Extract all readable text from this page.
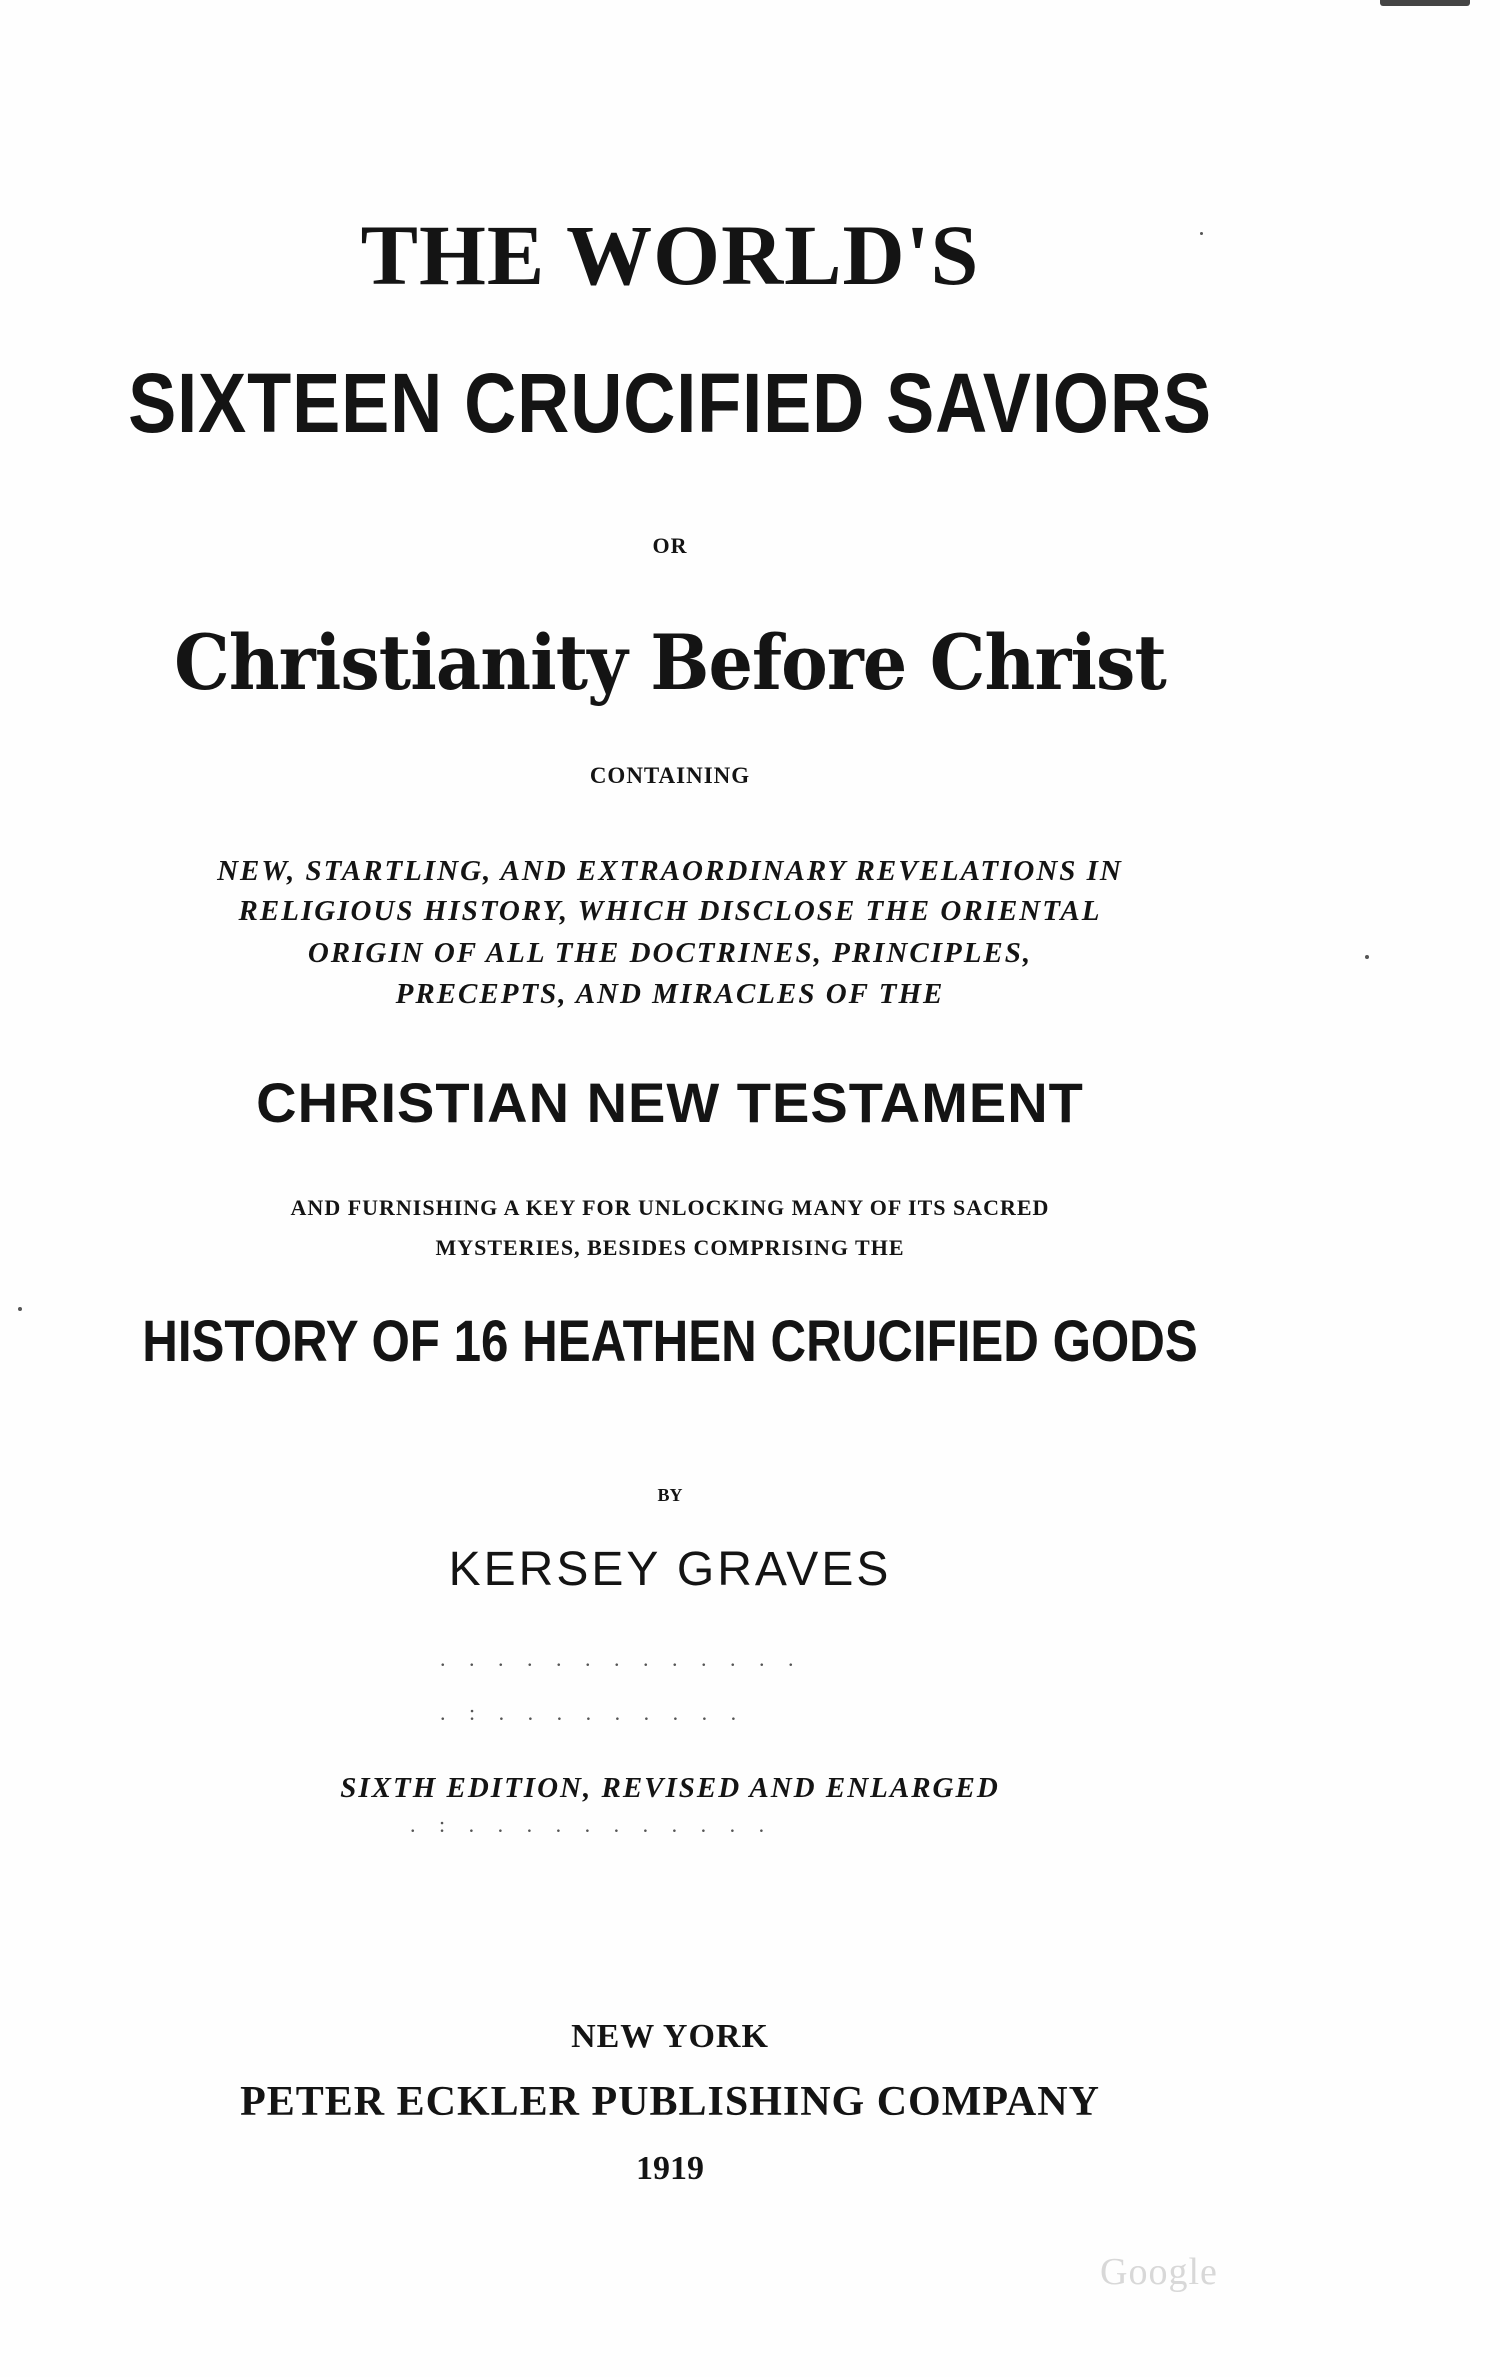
THE WORLD'S
SIXTEEN CRUCIFIED SAVIORS

OR

Christianity Before Christ

CONTAINING

NEW, STARTLING, AND EXTRAORDINARY REVELATIONS IN

RELIGIOUS HISTORY, WHICH DISCLOSE THE ORIENTAL

ORIGIN OF ALL THE DOCTRINES, PRINCIPLES,

PRECEPTS, AND MIRACLES OF THE

CHRISTIAN NEW TESTAMENT

AND FURNISHING A KEY FOR UNLOCKING MANY OF ITS SACRED

MYSTERIES, BESIDES COMPRISING THE

HISTORY OF 16 HEATHEN CRUCIFIED GODS

BY

KERSEY GRAVES

. . . . . . . . . . . . .
. : . . . . . . . . .

SIXTH EDITION, REVISED AND ENLARGED

. : . . . . . . . . . . .

NEW YORK

PETER ECKLER PUBLISHING COMPANY

1919

Google
